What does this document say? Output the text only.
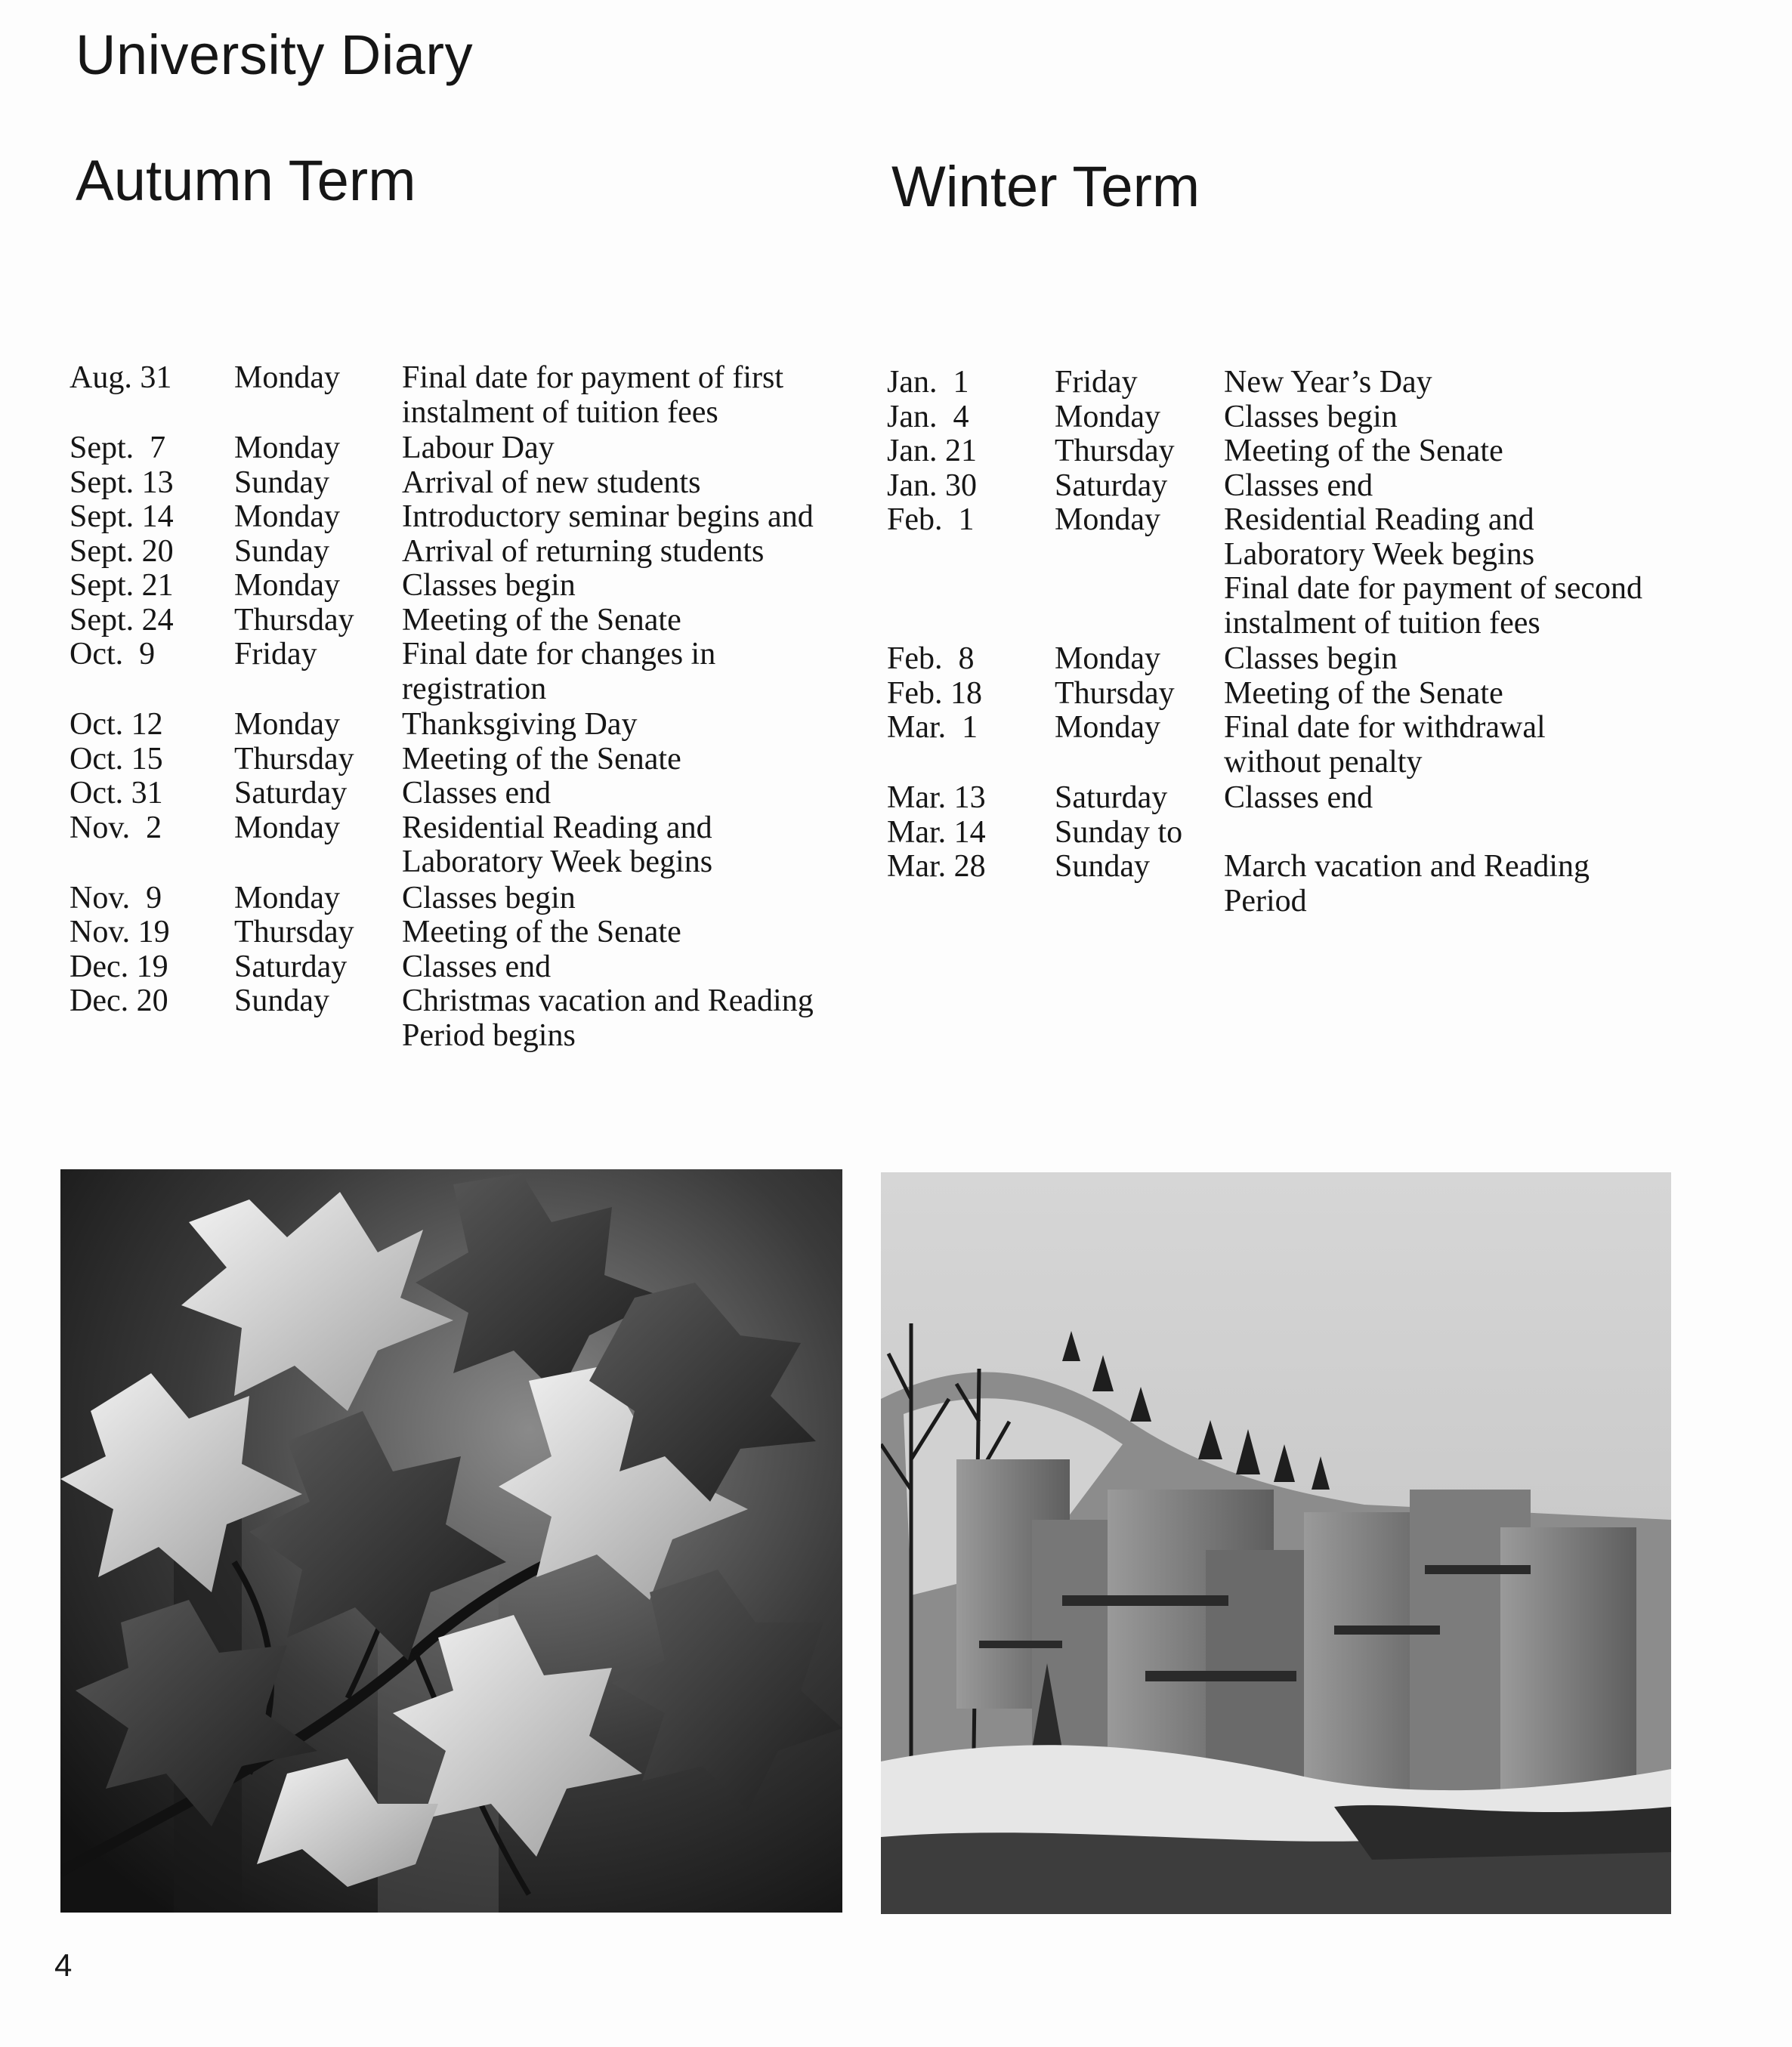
University Diary
Autumn Term	Winter Term
Aug. 31	Monday	Final date for payment of first instalment of tuition fees
Sept.  7	Monday	Labour Day
Sept. 13	Sunday	Arrival of new students
Sept. 14	Monday	Introductory seminar begins and
Sept. 20	Sunday	Arrival of returning students
Sept. 21	Monday	Classes begin
Sept. 24	Thursday	Meeting of the Senate
Oct.  9	Friday	Final date for changes in registration
Oct. 12	Monday	Thanksgiving Day
Oct. 15	Thursday	Meeting of the Senate
Oct. 31	Saturday	Classes end
Nov.  2	Monday	Residential Reading and Laboratory Week begins
Nov.  9	Monday	Classes begin
Nov. 19	Thursday	Meeting of the Senate
Dec. 19	Saturday	Classes end
Dec. 20	Sunday	Christmas vacation and Reading Period begins
Jan.  1	Friday	New Year’s Day
Jan.  4	Monday	Classes begin
Jan. 21	Thursday	Meeting of the Senate
Jan. 30	Saturday	Classes end
Feb.  1	Monday	Residential Reading and Laboratory Week begins
Final date for payment of second instalment of tuition fees
Feb.  8	Monday	Classes begin
Feb. 18	Thursday	Meeting of the Senate
Mar.  1	Monday	Final date for withdrawal without penalty
Mar. 13	Saturday	Classes end
Mar. 14	Sunday to
Mar. 28	Sunday	March vacation and Reading Period
4
